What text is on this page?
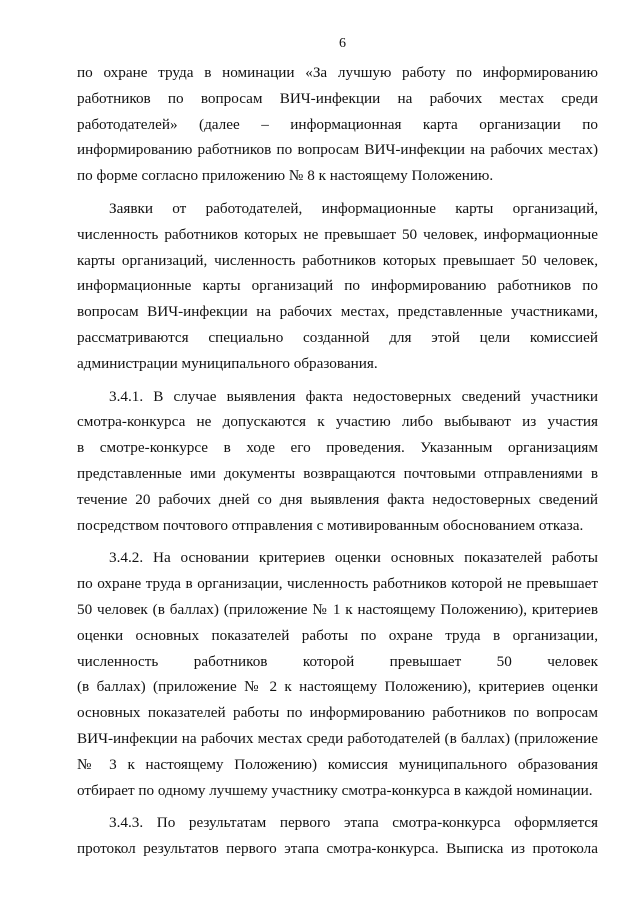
6
по охране труда в номинации «За лучшую работу по информированию
работников по вопросам ВИЧ-инфекции на рабочих местах среди
работодателей» (далее – информационная карта организации по
информированию работников по вопросам ВИЧ-инфекции на рабочих местах)
по форме согласно приложению № 8 к настоящему Положению.
Заявки от работодателей, информационные карты организаций,
численность работников которых не превышает 50 человек, информационные
карты организаций, численность работников которых превышает 50 человек,
информационные карты организаций по информированию работников по
вопросам ВИЧ-инфекции на рабочих местах, представленные участниками,
рассматриваются специально созданной для этой цели комиссией
администрации муниципального образования.
3.4.1. В случае выявления факта недостоверных сведений участники
смотра-конкурса не допускаются к участию либо выбывают из участия
в смотре-конкурсе в ходе его проведения. Указанным организациям
представленные ими документы возвращаются почтовыми отправлениями в
течение 20 рабочих дней со дня выявления факта недостоверных сведений
посредством почтового отправления с мотивированным обоснованием отказа.
3.4.2. На основании критериев оценки основных показателей работы
по охране труда в организации, численность работников которой не превышает
50 человек (в баллах) (приложение № 1 к настоящему Положению), критериев
оценки основных показателей работы по охране труда в организации,
численность работников которой превышает 50 человек
(в баллах) (приложение № 2 к настоящему Положению), критериев оценки
основных показателей работы по информированию работников по вопросам
ВИЧ-инфекции на рабочих местах среди работодателей (в баллах) (приложение
№ 3 к настоящему Положению) комиссия муниципального образования
отбирает по одному лучшему участнику смотра-конкурса в каждой номинации.
3.4.3. По результатам первого этапа смотра-конкурса оформляется
протокол результатов первого этапа смотра-конкурса. Выписка из протокола
